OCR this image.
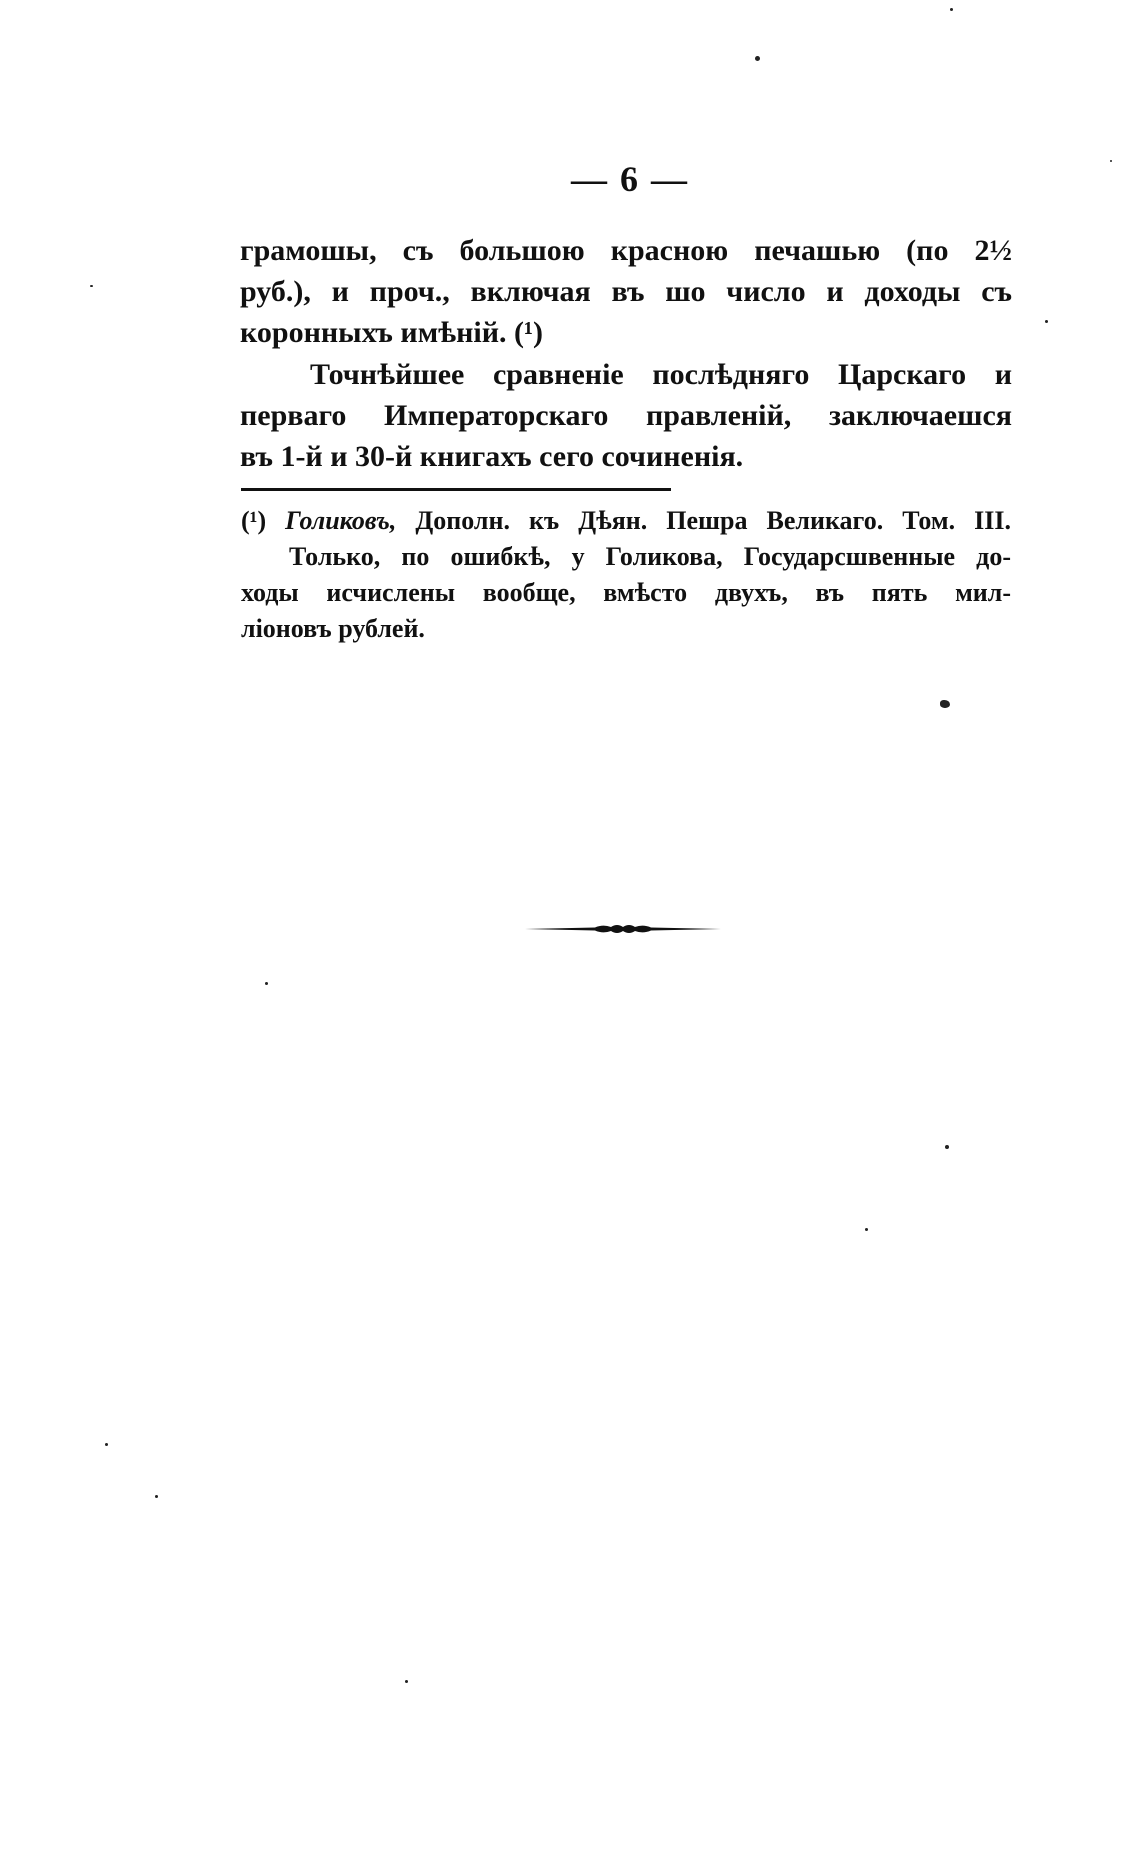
— 6 —
грамошы, съ большою красною печашью (по 2½
руб.), и проч., включая въ шо число и доходы съ
коронныхъ имѣній. (¹)
Точнѣйшее сравненіе послѣдняго Царскаго и
перваго Императорскаго правленій, заключаешся
въ 1-й и 30-й книгахъ сего сочиненія.
(¹) Голиковъ, Дополн. къ Дѣян. Пешра Великаго. Том. III.
Только, по ошибкѣ, у Голикова, Государсшвенные до-
ходы исчислены вообще, вмѣсто двухъ, въ пять мил-
ліоновъ рублей.
